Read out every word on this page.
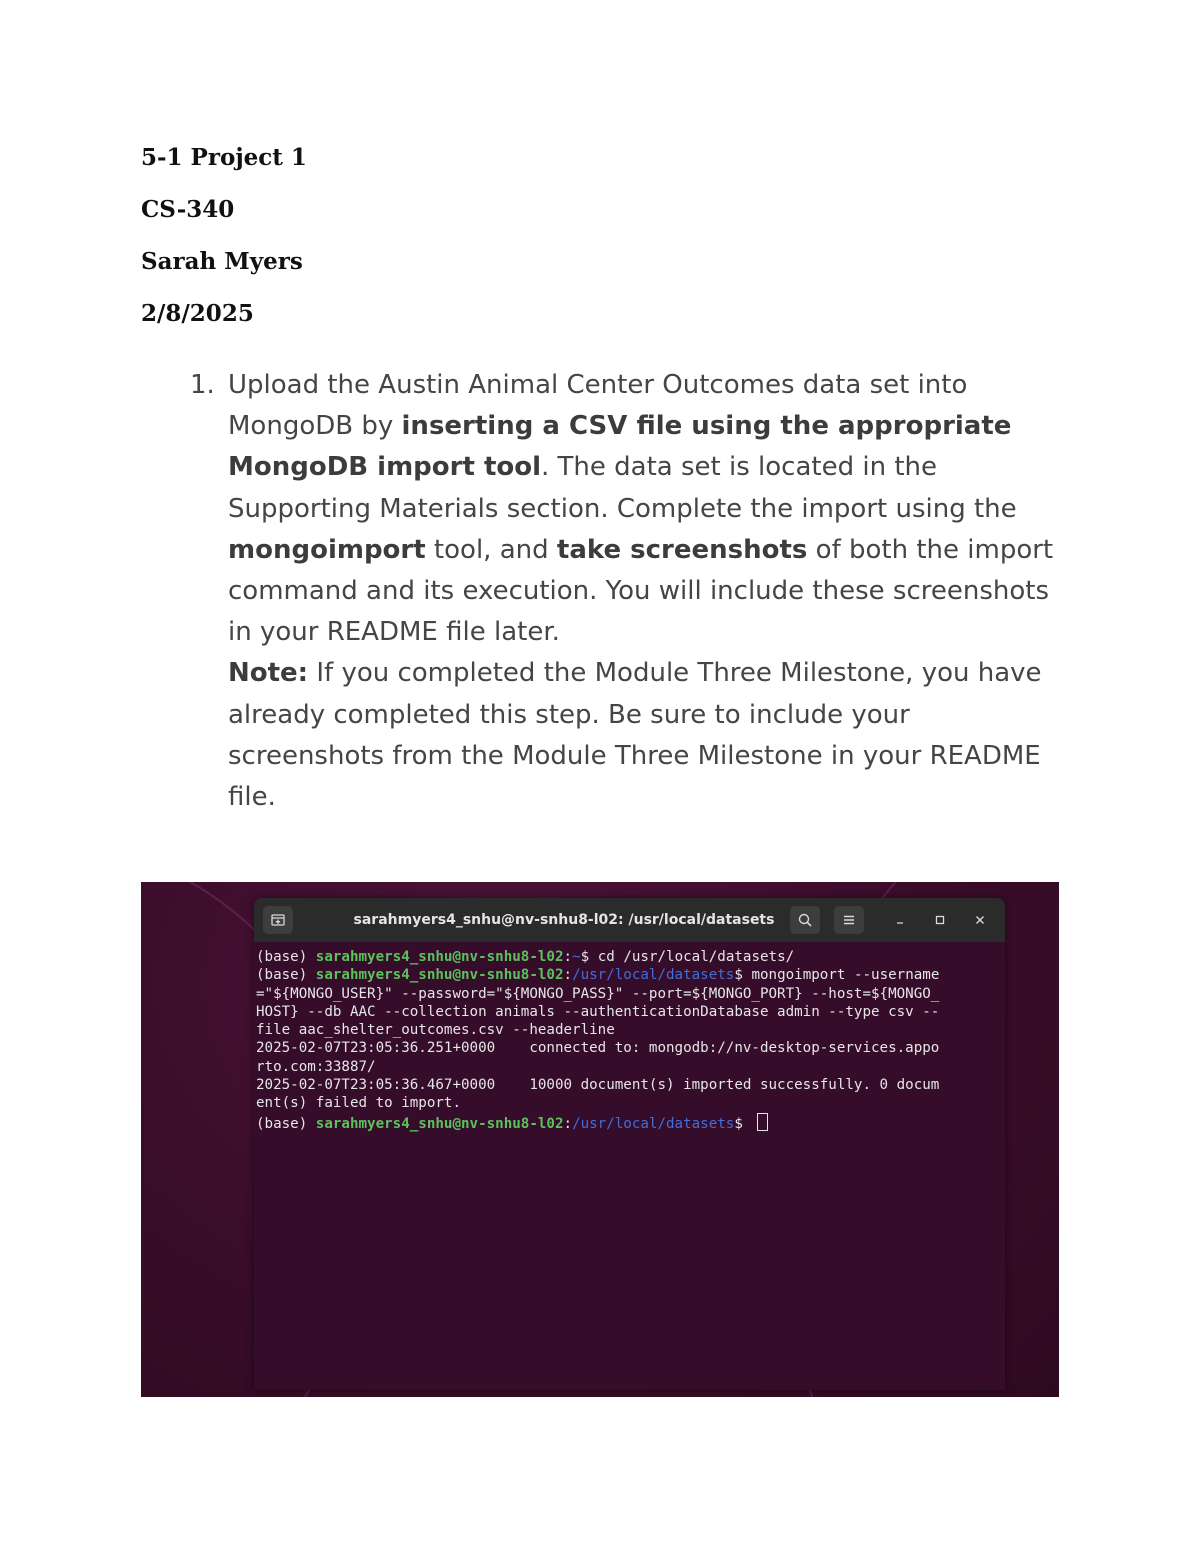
5-1 Project 1

CS-340

Sarah Myers

2/8/2025

1. Upload the Austin Animal Center Outcomes data set into MongoDB by inserting a CSV file using the appropriate MongoDB import tool. The data set is located in the Supporting Materials section. Complete the import using the mongoimport tool, and take screenshots of both the import command and its execution. You will include these screenshots in your README file later.
Note: If you completed the Module Three Milestone, you have already completed this step. Be sure to include your screenshots from the Module Three Milestone in your README file.
sarahmyers4_snhu@nv-snhu8-l02: /usr/local/datasets
(base) sarahmyers4_snhu@nv-snhu8-l02:~$ cd /usr/local/datasets/
(base) sarahmyers4_snhu@nv-snhu8-l02:/usr/local/datasets$ mongoimport --username
="${MONGO_USER}" --password="${MONGO_PASS}" --port=${MONGO_PORT} --host=${MONGO_
HOST} --db AAC --collection animals --authenticationDatabase admin --type csv --
file aac_shelter_outcomes.csv --headerline
2025-02-07T23:05:36.251+0000    connected to: mongodb://nv-desktop-services.appo
rto.com:33887/
2025-02-07T23:05:36.467+0000    10000 document(s) imported successfully. 0 docum
ent(s) failed to import.
(base) sarahmyers4_snhu@nv-snhu8-l02:/usr/local/datasets$
